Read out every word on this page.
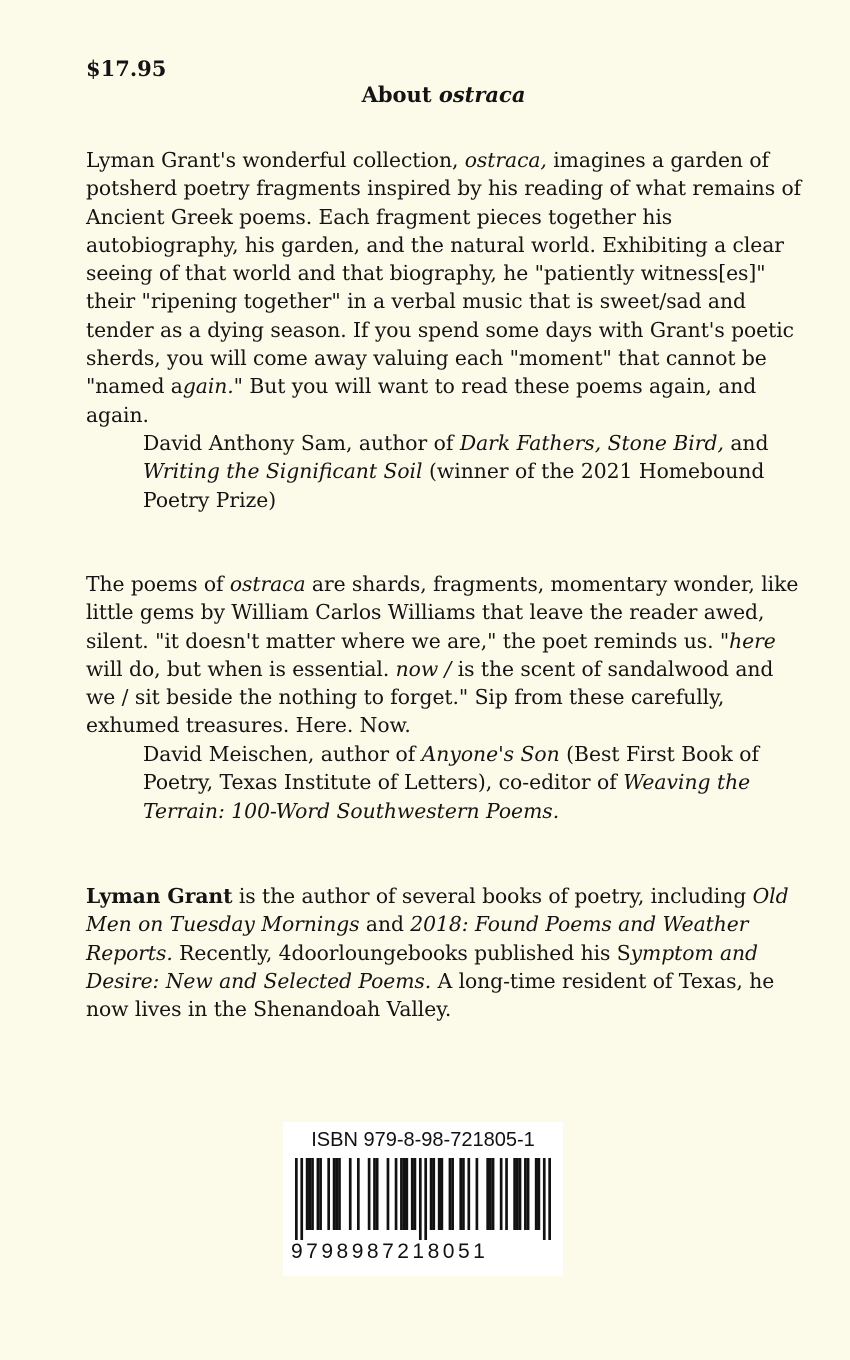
$17.95
About ostraca
Lyman Grant's wonderful collection, ostraca, imagines a garden of potsherd poetry fragments inspired by his reading of what remains of Ancient Greek poems. Each fragment pieces together his autobiography, his garden, and the natural world. Exhibiting a clear seeing of that world and that biography, he "patiently witness[es]" their "ripening together" in a verbal music that is sweet/sad and tender as a dying season. If you spend some days with Grant's poetic sherds, you will come away valuing each "moment" that cannot be "named again." But you will want to read these poems again, and again.
David Anthony Sam, author of Dark Fathers, Stone Bird, and Writing the Significant Soil (winner of the 2021 Homebound Poetry Prize)
The poems of ostraca are shards, fragments, momentary wonder, like little gems by William Carlos Williams that leave the reader awed, silent. "it doesn't matter where we are," the poet reminds us. "here will do, but when is essential. now / is the scent of sandalwood and we / sit beside the nothing to forget." Sip from these carefully, exhumed treasures. Here. Now.
David Meischen, author of Anyone's Son (Best First Book of Poetry, Texas Institute of Letters), co-editor of Weaving the Terrain: 100-Word Southwestern Poems.
Lyman Grant is the author of several books of poetry, including Old Men on Tuesday Mornings and 2018: Found Poems and Weather Reports. Recently, 4doorloungebooks published his Symptom and Desire: New and Selected Poems. A long-time resident of Texas, he now lives in the Shenandoah Valley.
ISBN 979-8-98-721805-1
9798987218051
